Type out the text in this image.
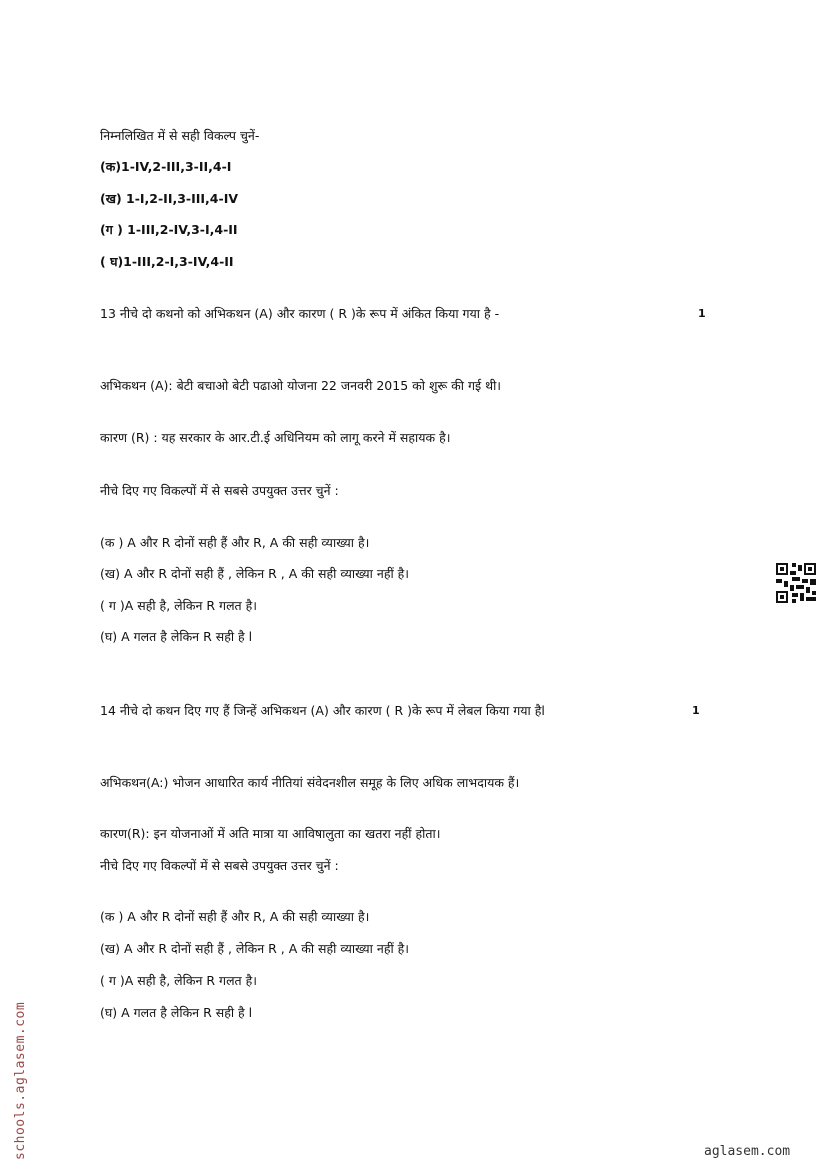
निम्नलिखित में से सही विकल्प चुनें-
(क)1-IV,2-III,3-II,4-I
(ख) 1-I,2-II,3-III,4-IV
(ग ) 1-III,2-IV,3-I,4-II
( घ)1-III,2-I,3-IV,4-II
13 नीचे दो कथनो को अभिकथन (A) और कारण ( R )के रूप में अंकित किया गया है -	1
अभिकथन (A): बेटी बचाओ बेटी पढाओ योजना 22 जनवरी 2015 को शुरू की गई थी।
कारण (R) : यह सरकार के आर.टी.ई अधिनियम को लागू करने में सहायक है।
नीचे दिए गए विकल्पों में से सबसे उपयुक्त उत्तर चुनें :
(क ) A और R दोनों सही हैं और R, A की सही व्याख्या है।
(ख) A और R दोनों सही हैं , लेकिन R , A की सही व्याख्या नहीं है।
( ग )A सही है, लेकिन R गलत है।
(घ) A गलत है लेकिन R सही है l
14 नीचे दो कथन दिए गए हैं जिन्हें अभिकथन (A) और कारण ( R )के रूप में लेबल किया गया हैl	1
अभिकथन(A:) भोजन आधारित कार्य नीतियां संवेदनशील समूह के लिए अधिक लाभदायक हैं।
कारण(R): इन योजनाओं में अति मात्रा या आविषालुता का खतरा नहीं होता।
नीचे दिए गए विकल्पों में से सबसे उपयुक्त उत्तर चुनें :
(क ) A और R दोनों सही हैं और R, A की सही व्याख्या है।
(ख) A और R दोनों सही हैं , लेकिन R , A की सही व्याख्या नहीं है।
( ग )A सही है, लेकिन R गलत है।
(घ) A गलत है लेकिन R सही है l
schools.aglasem.com	aglasem.com
